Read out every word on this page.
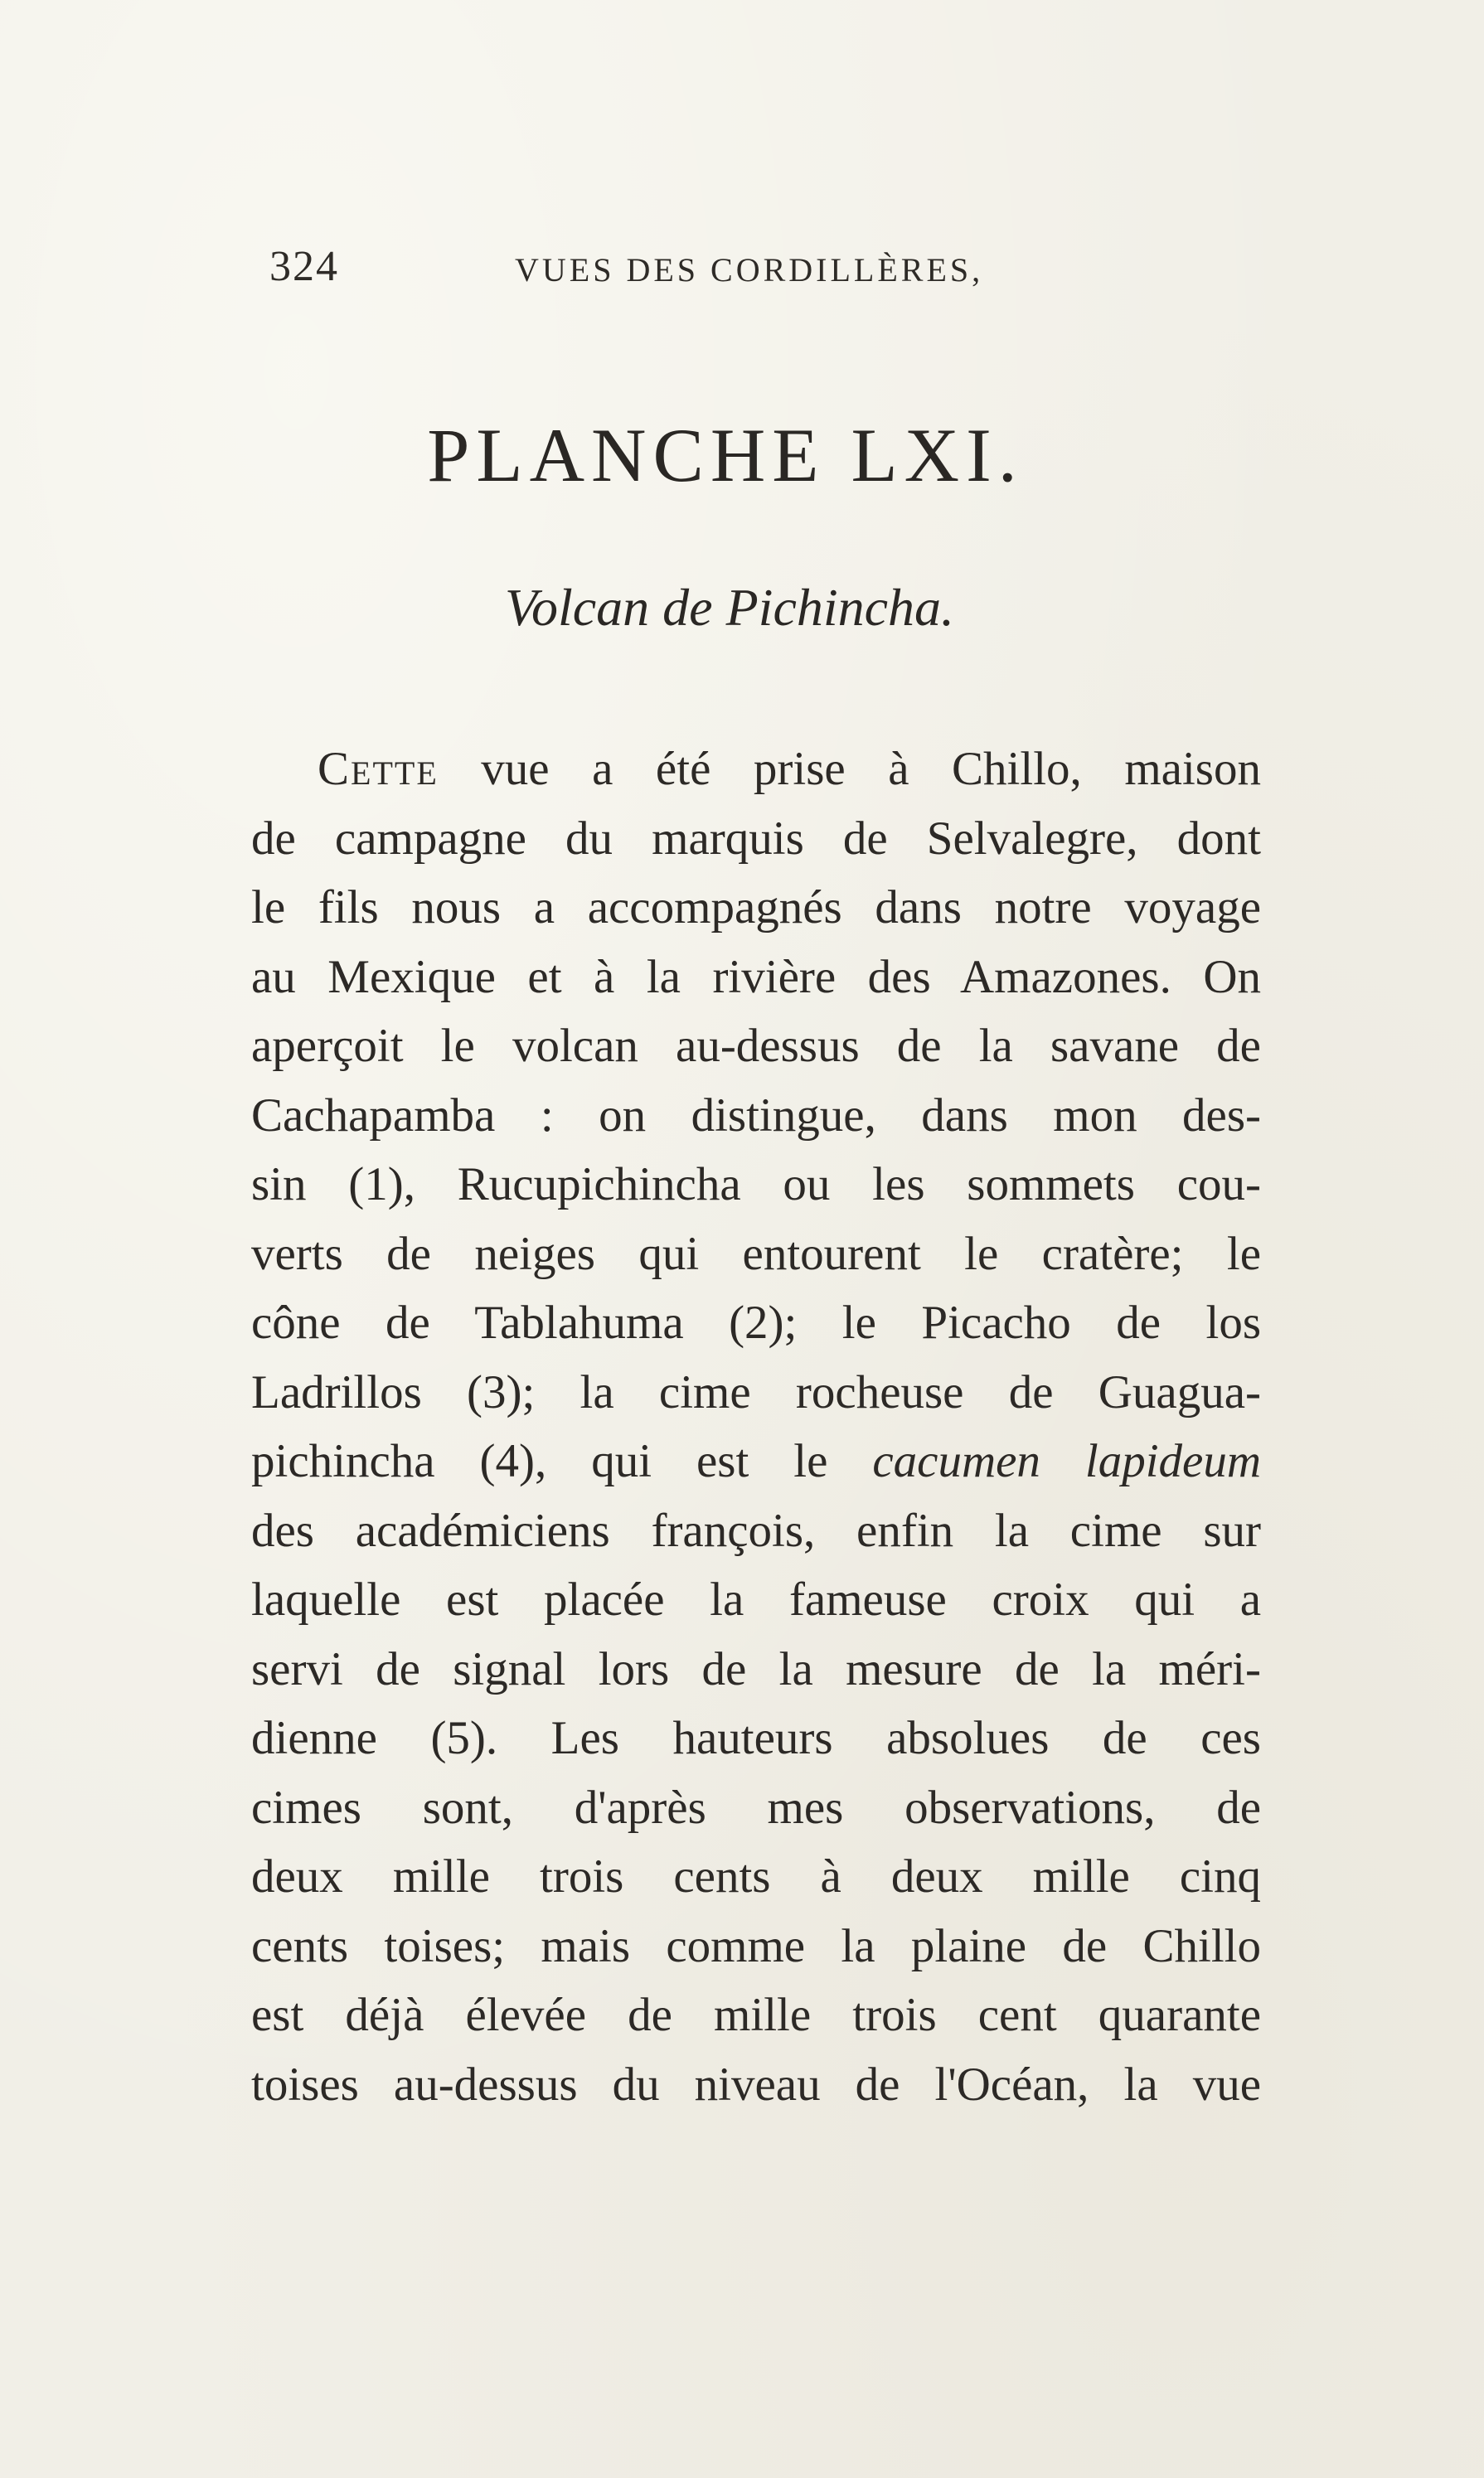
324	VUES DES CORDILLÈRES,
PLANCHE LXI.
Volcan de Pichincha.
Cette vue a été prise à Chillo, maison
de campagne du marquis de Selvalegre, dont
le fils nous a accompagnés dans notre voyage
au Mexique et à la rivière des Amazones. On
aperçoit le volcan au-dessus de la savane de
Cachapamba : on distingue, dans mon des-
sin (1), Rucupichincha ou les sommets cou-
verts de neiges qui entourent le cratère; le
cône de Tablahuma (2); le Picacho de los
Ladrillos (3); la cime rocheuse de Guagua-
pichincha (4), qui est le cacumen lapideum
des académiciens françois, enfin la cime sur
laquelle est placée la fameuse croix qui a
servi de signal lors de la mesure de la méri-
dienne (5). Les hauteurs absolues de ces
cimes sont, d'après mes observations, de
deux mille trois cents à deux mille cinq
cents toises; mais comme la plaine de Chillo
est déjà élevée de mille trois cent quarante
toises au-dessus du niveau de l'Océan, la vue
